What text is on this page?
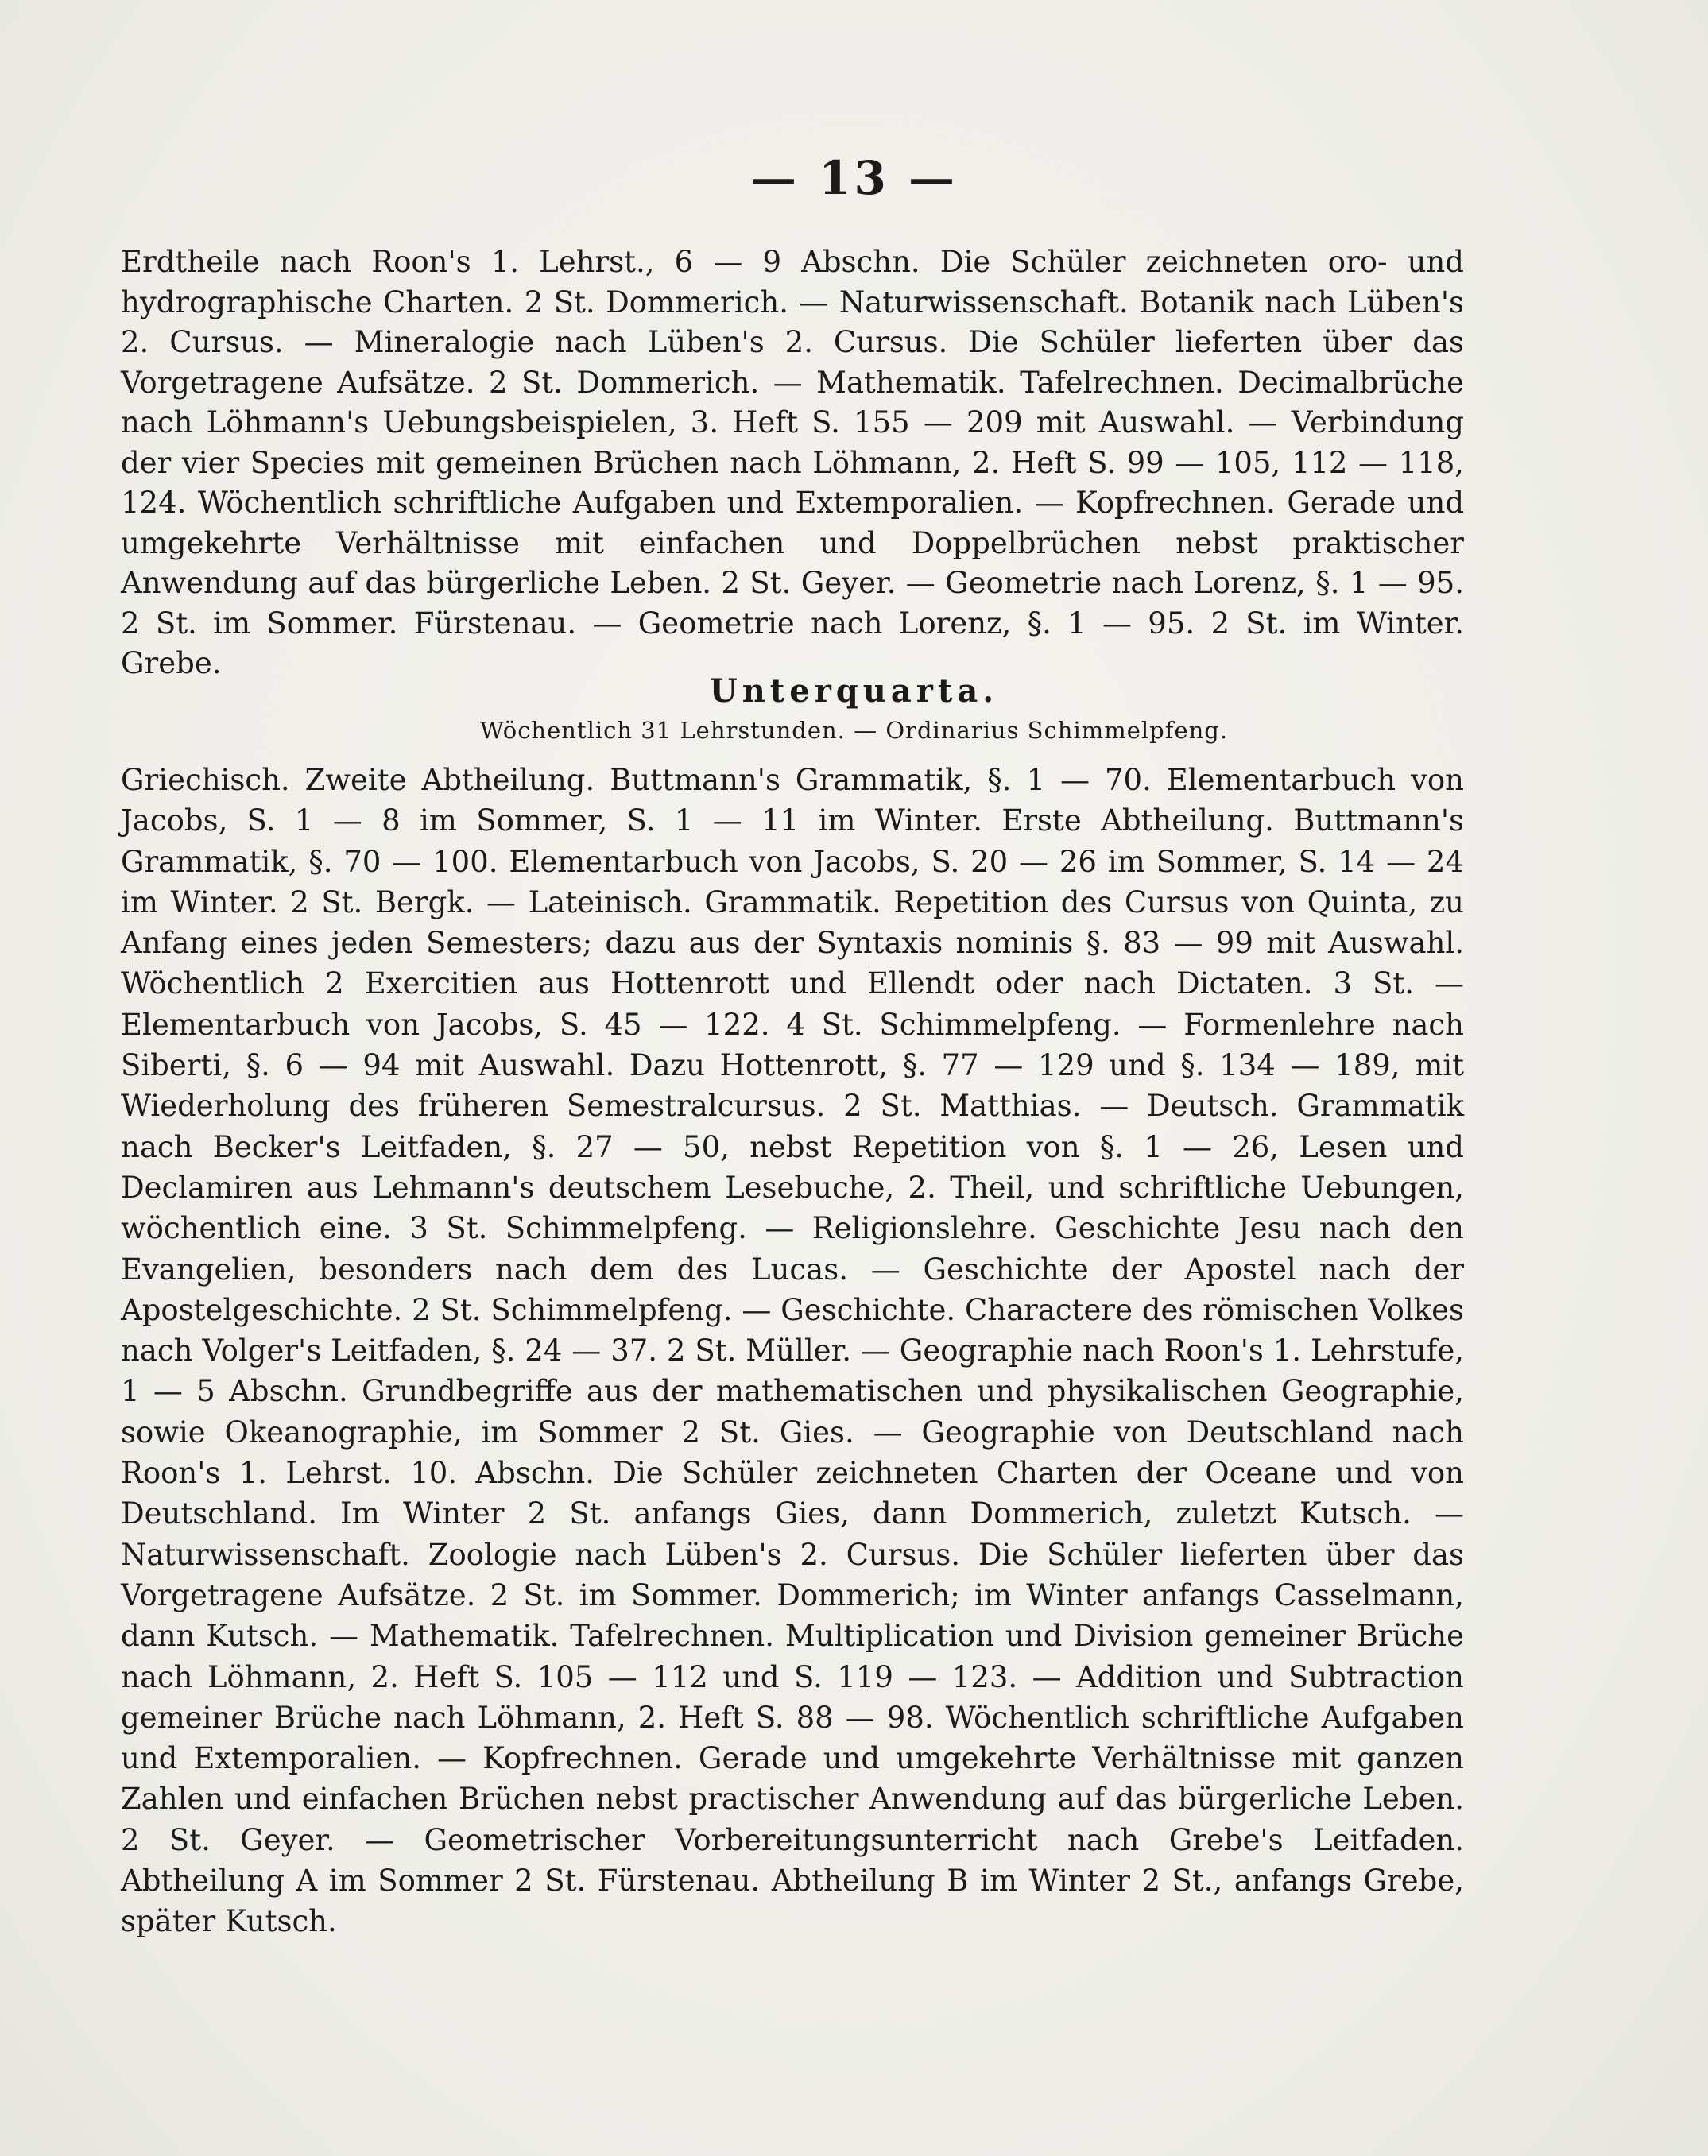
— 13 —

Erdtheile nach Roon's 1. Lehrst., 6 — 9 Abschn. Die Schüler zeichneten oro- und hydrographische Charten. 2 St. Dommerich. — Naturwissenschaft. Botanik nach Lüben's 2. Cursus. — Mineralogie nach Lüben's 2. Cursus. Die Schüler lieferten über das Vorgetragene Aufsätze. 2 St. Dommerich. — Mathematik. Tafelrechnen. Decimalbrüche nach Löhmann's Uebungsbeispielen, 3. Heft S. 155 — 209 mit Auswahl. — Verbindung der vier Species mit gemeinen Brüchen nach Löhmann, 2. Heft S. 99 — 105, 112 — 118, 124. Wöchentlich schriftliche Aufgaben und Extemporalien. — Kopfrechnen. Gerade und umgekehrte Verhältnisse mit einfachen und Doppelbrüchen nebst praktischer Anwendung auf das bürgerliche Leben. 2 St. Geyer. — Geometrie nach Lorenz, §. 1 — 95. 2 St. im Sommer. Fürstenau. — Geometrie nach Lorenz, §. 1 — 95. 2 St. im Winter. Grebe.

Unterquarta.
Wöchentlich 31 Lehrstunden. — Ordinarius Schimmelpfeng.

Griechisch. Zweite Abtheilung. Buttmann's Grammatik, §. 1 — 70. Elementarbuch von Jacobs, S. 1 — 8 im Sommer, S. 1 — 11 im Winter. Erste Abtheilung. Buttmann's Grammatik, §. 70 — 100. Elementarbuch von Jacobs, S. 20 — 26 im Sommer, S. 14 — 24 im Winter. 2 St. Bergk. — Lateinisch. Grammatik. Repetition des Cursus von Quinta, zu Anfang eines jeden Semesters; dazu aus der Syntaxis nominis §. 83 — 99 mit Auswahl. Wöchentlich 2 Exercitien aus Hottenrott und Ellendt oder nach Dictaten. 3 St. — Elementarbuch von Jacobs, S. 45 — 122. 4 St. Schimmelpfeng. — Formenlehre nach Siberti, §. 6 — 94 mit Auswahl. Dazu Hottenrott, §. 77 — 129 und §. 134 — 189, mit Wiederholung des früheren Semestralcursus. 2 St. Matthias. — Deutsch. Grammatik nach Becker's Leitfaden, §. 27 — 50, nebst Repetition von §. 1 — 26, Lesen und Declamiren aus Lehmann's deutschem Lesebuche, 2. Theil, und schriftliche Uebungen, wöchentlich eine. 3 St. Schimmelpfeng. — Religionslehre. Geschichte Jesu nach den Evangelien, besonders nach dem des Lucas. — Geschichte der Apostel nach der Apostelgeschichte. 2 St. Schimmelpfeng. — Geschichte. Charactere des römischen Volkes nach Volger's Leitfaden, §. 24 — 37. 2 St. Müller. — Geographie nach Roon's 1. Lehrstufe, 1 — 5 Abschn. Grundbegriffe aus der mathematischen und physikalischen Geographie, sowie Okeanographie, im Sommer 2 St. Gies. — Geographie von Deutschland nach Roon's 1. Lehrst. 10. Abschn. Die Schüler zeichneten Charten der Oceane und von Deutschland. Im Winter 2 St. anfangs Gies, dann Dommerich, zuletzt Kutsch. — Naturwissenschaft. Zoologie nach Lüben's 2. Cursus. Die Schüler lieferten über das Vorgetragene Aufsätze. 2 St. im Sommer. Dommerich; im Winter anfangs Casselmann, dann Kutsch. — Mathematik. Tafelrechnen. Multiplication und Division gemeiner Brüche nach Löhmann, 2. Heft S. 105 — 112 und S. 119 — 123. — Addition und Subtraction gemeiner Brüche nach Löhmann, 2. Heft S. 88 — 98. Wöchentlich schriftliche Aufgaben und Extemporalien. — Kopfrechnen. Gerade und umgekehrte Verhältnisse mit ganzen Zahlen und einfachen Brüchen nebst practischer Anwendung auf das bürgerliche Leben. 2 St. Geyer. — Geometrischer Vorbereitungsunterricht nach Grebe's Leitfaden. Abtheilung A im Sommer 2 St. Fürstenau. Abtheilung B im Winter 2 St., anfangs Grebe, später Kutsch.
